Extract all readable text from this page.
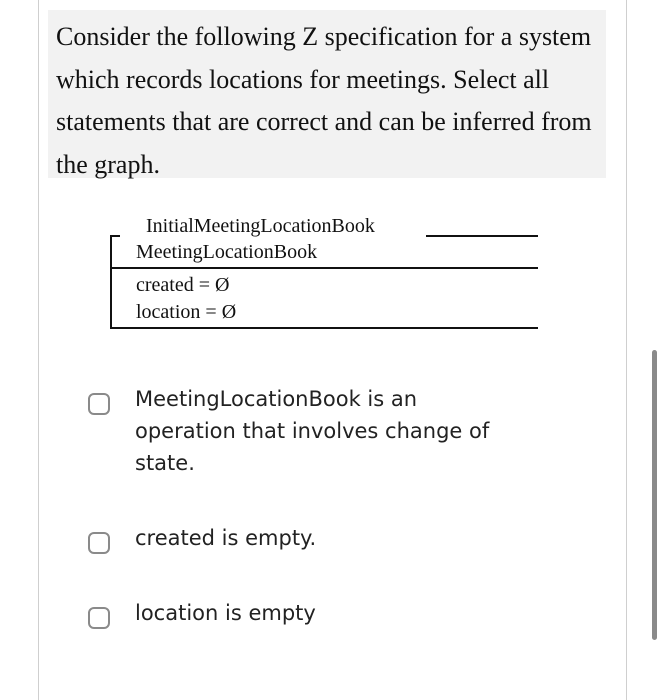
Consider the following Z specification for a system which records locations for meetings. Select all statements that are correct and can be inferred from the graph.
InitialMeetingLocationBook
MeetingLocationBook
created = Ø
location = Ø
MeetingLocationBook is an operation that involves change of state.
created is empty.
location is empty
